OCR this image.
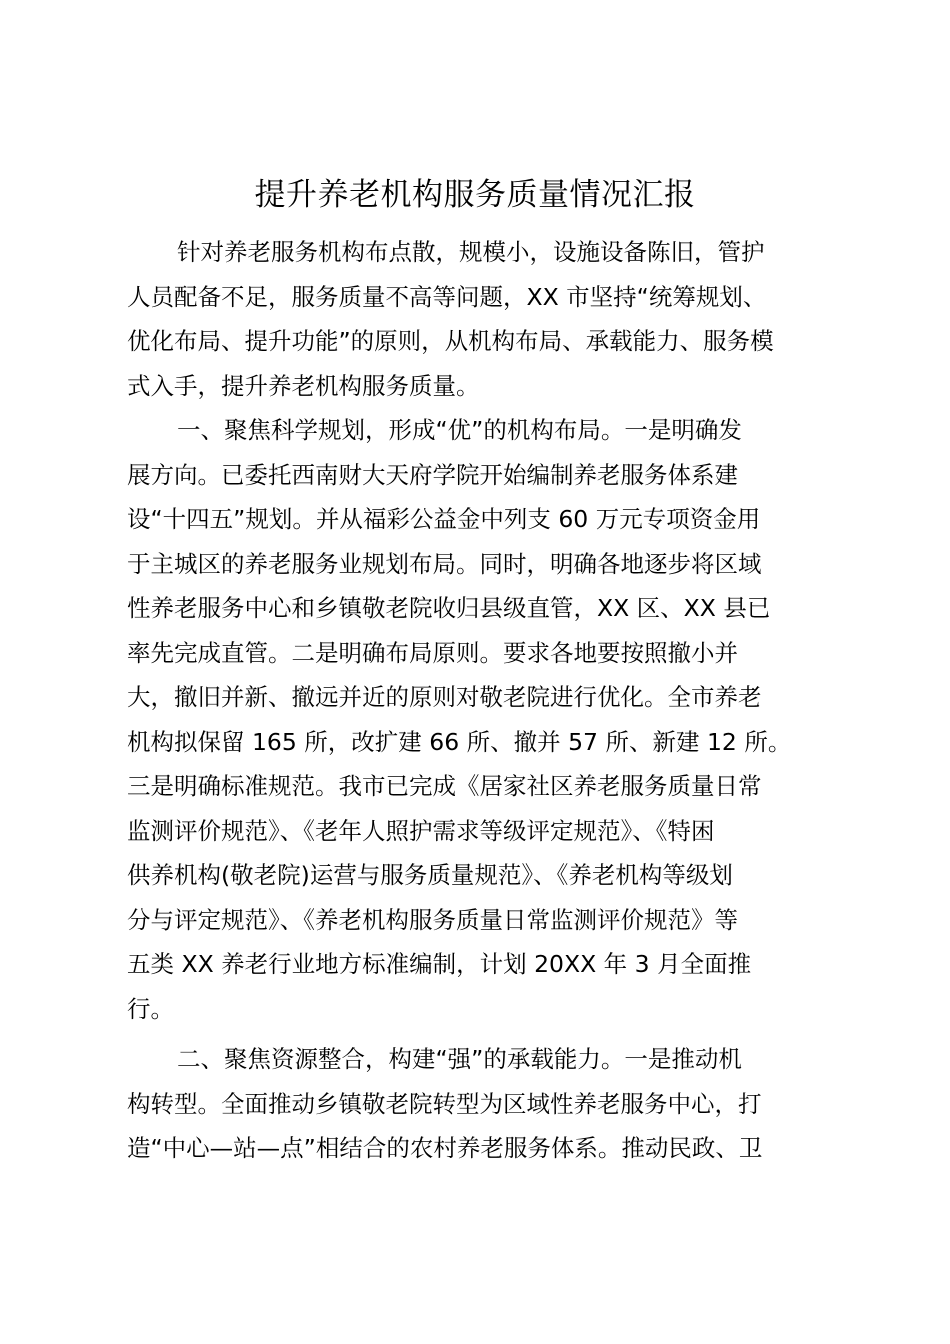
提升养老机构服务质量情况汇报
针对养老服务机构布点散，规模小，设施设备陈旧，管护
人员配备不足，服务质量不高等问题，XX 市坚持“统筹规划、
优化布局、提升功能”的原则，从机构布局、承载能力、服务模
式入手，提升养老机构服务质量。
一、聚焦科学规划，形成“优”的机构布局。一是明确发
展方向。已委托西南财大天府学院开始编制养老服务体系建
设“十四五”规划。并从福彩公益金中列支 60 万元专项资金用
于主城区的养老服务业规划布局。同时，明确各地逐步将区域
性养老服务中心和乡镇敬老院收归县级直管，XX 区、XX 县已
率先完成直管。二是明确布局原则。要求各地要按照撤小并
大，撤旧并新、撤远并近的原则对敬老院进行优化。全市养老
机构拟保留 165 所，改扩建 66 所、撤并 57 所、新建 12 所。
三是明确标准规范。我市已完成《居家社区养老服务质量日常
监测评价规范》、《老年人照护需求等级评定规范》、《特困
供养机构(敬老院)运营与服务质量规范》、《养老机构等级划
分与评定规范》、《养老机构服务质量日常监测评价规范》等
五类 XX 养老行业地方标准编制，计划 20XX 年 3 月全面推
行。
二、聚焦资源整合，构建“强”的承载能力。一是推动机
构转型。全面推动乡镇敬老院转型为区域性养老服务中心，打
造“中心—站—点”相结合的农村养老服务体系。推动民政、卫
